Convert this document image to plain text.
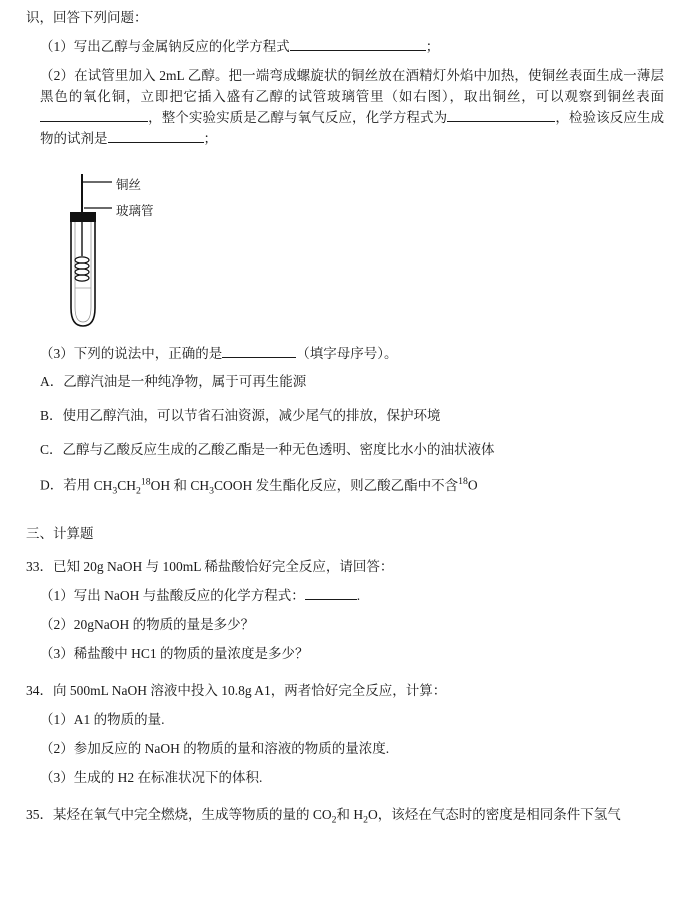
识，回答下列问题：

（1）写出乙醇与金属钠反应的化学方程式	；

（2）在试管里加入 2mL 乙醇。把一端弯成螺旋状的铜丝放在酒精灯外焰中加热，使铜丝表面生成一薄层黑色的氧化铜，立即把它插入盛有乙醇的试管玻璃管里（如右图），取出铜丝，可以观察到铜丝表面，整个实验实质是乙醇与氧气反应，化学方程式为	，检验该反应生成物的试剂是	；

铜丝
玻璃管

（3）下列的说法中，正确的是	（填字母序号）。

A．乙醇汽油是一种纯净物，属于可再生能源

B．使用乙醇汽油，可以节省石油资源，减少尾气的排放，保护环境

C．乙醇与乙酸反应生成的乙酸乙酯是一种无色透明、密度比水小的油状液体

D．若用 $CH_3CH_2^{18}OH$ 和 $CH_3COOH$ 发生酯化反应，则乙酸乙酯中不含$^{18}$O

三、计算题

33．已知 20g NaOH 与 100mL 稀盐酸恰好完全反应，请回答：

（1）写出 NaOH 与盐酸反应的化学方程式：	.

（2）20gNaOH 的物质的量是多少？

（3）稀盐酸中 HC1 的物质的量浓度是多少？

34．向 500mL NaOH 溶液中投入 10.8g A1，两者恰好完全反应，计算：

（1）A1 的物质的量.

（2）参加反应的 NaOH 的物质的量和溶液的物质的量浓度.

（3）生成的 H2 在标准状况下的体积.

35．某烃在氧气中完全燃烧，生成等物质的量的 $CO_2$和 $H_2O$，该烃在气态时的密度是相同条件下氢气
